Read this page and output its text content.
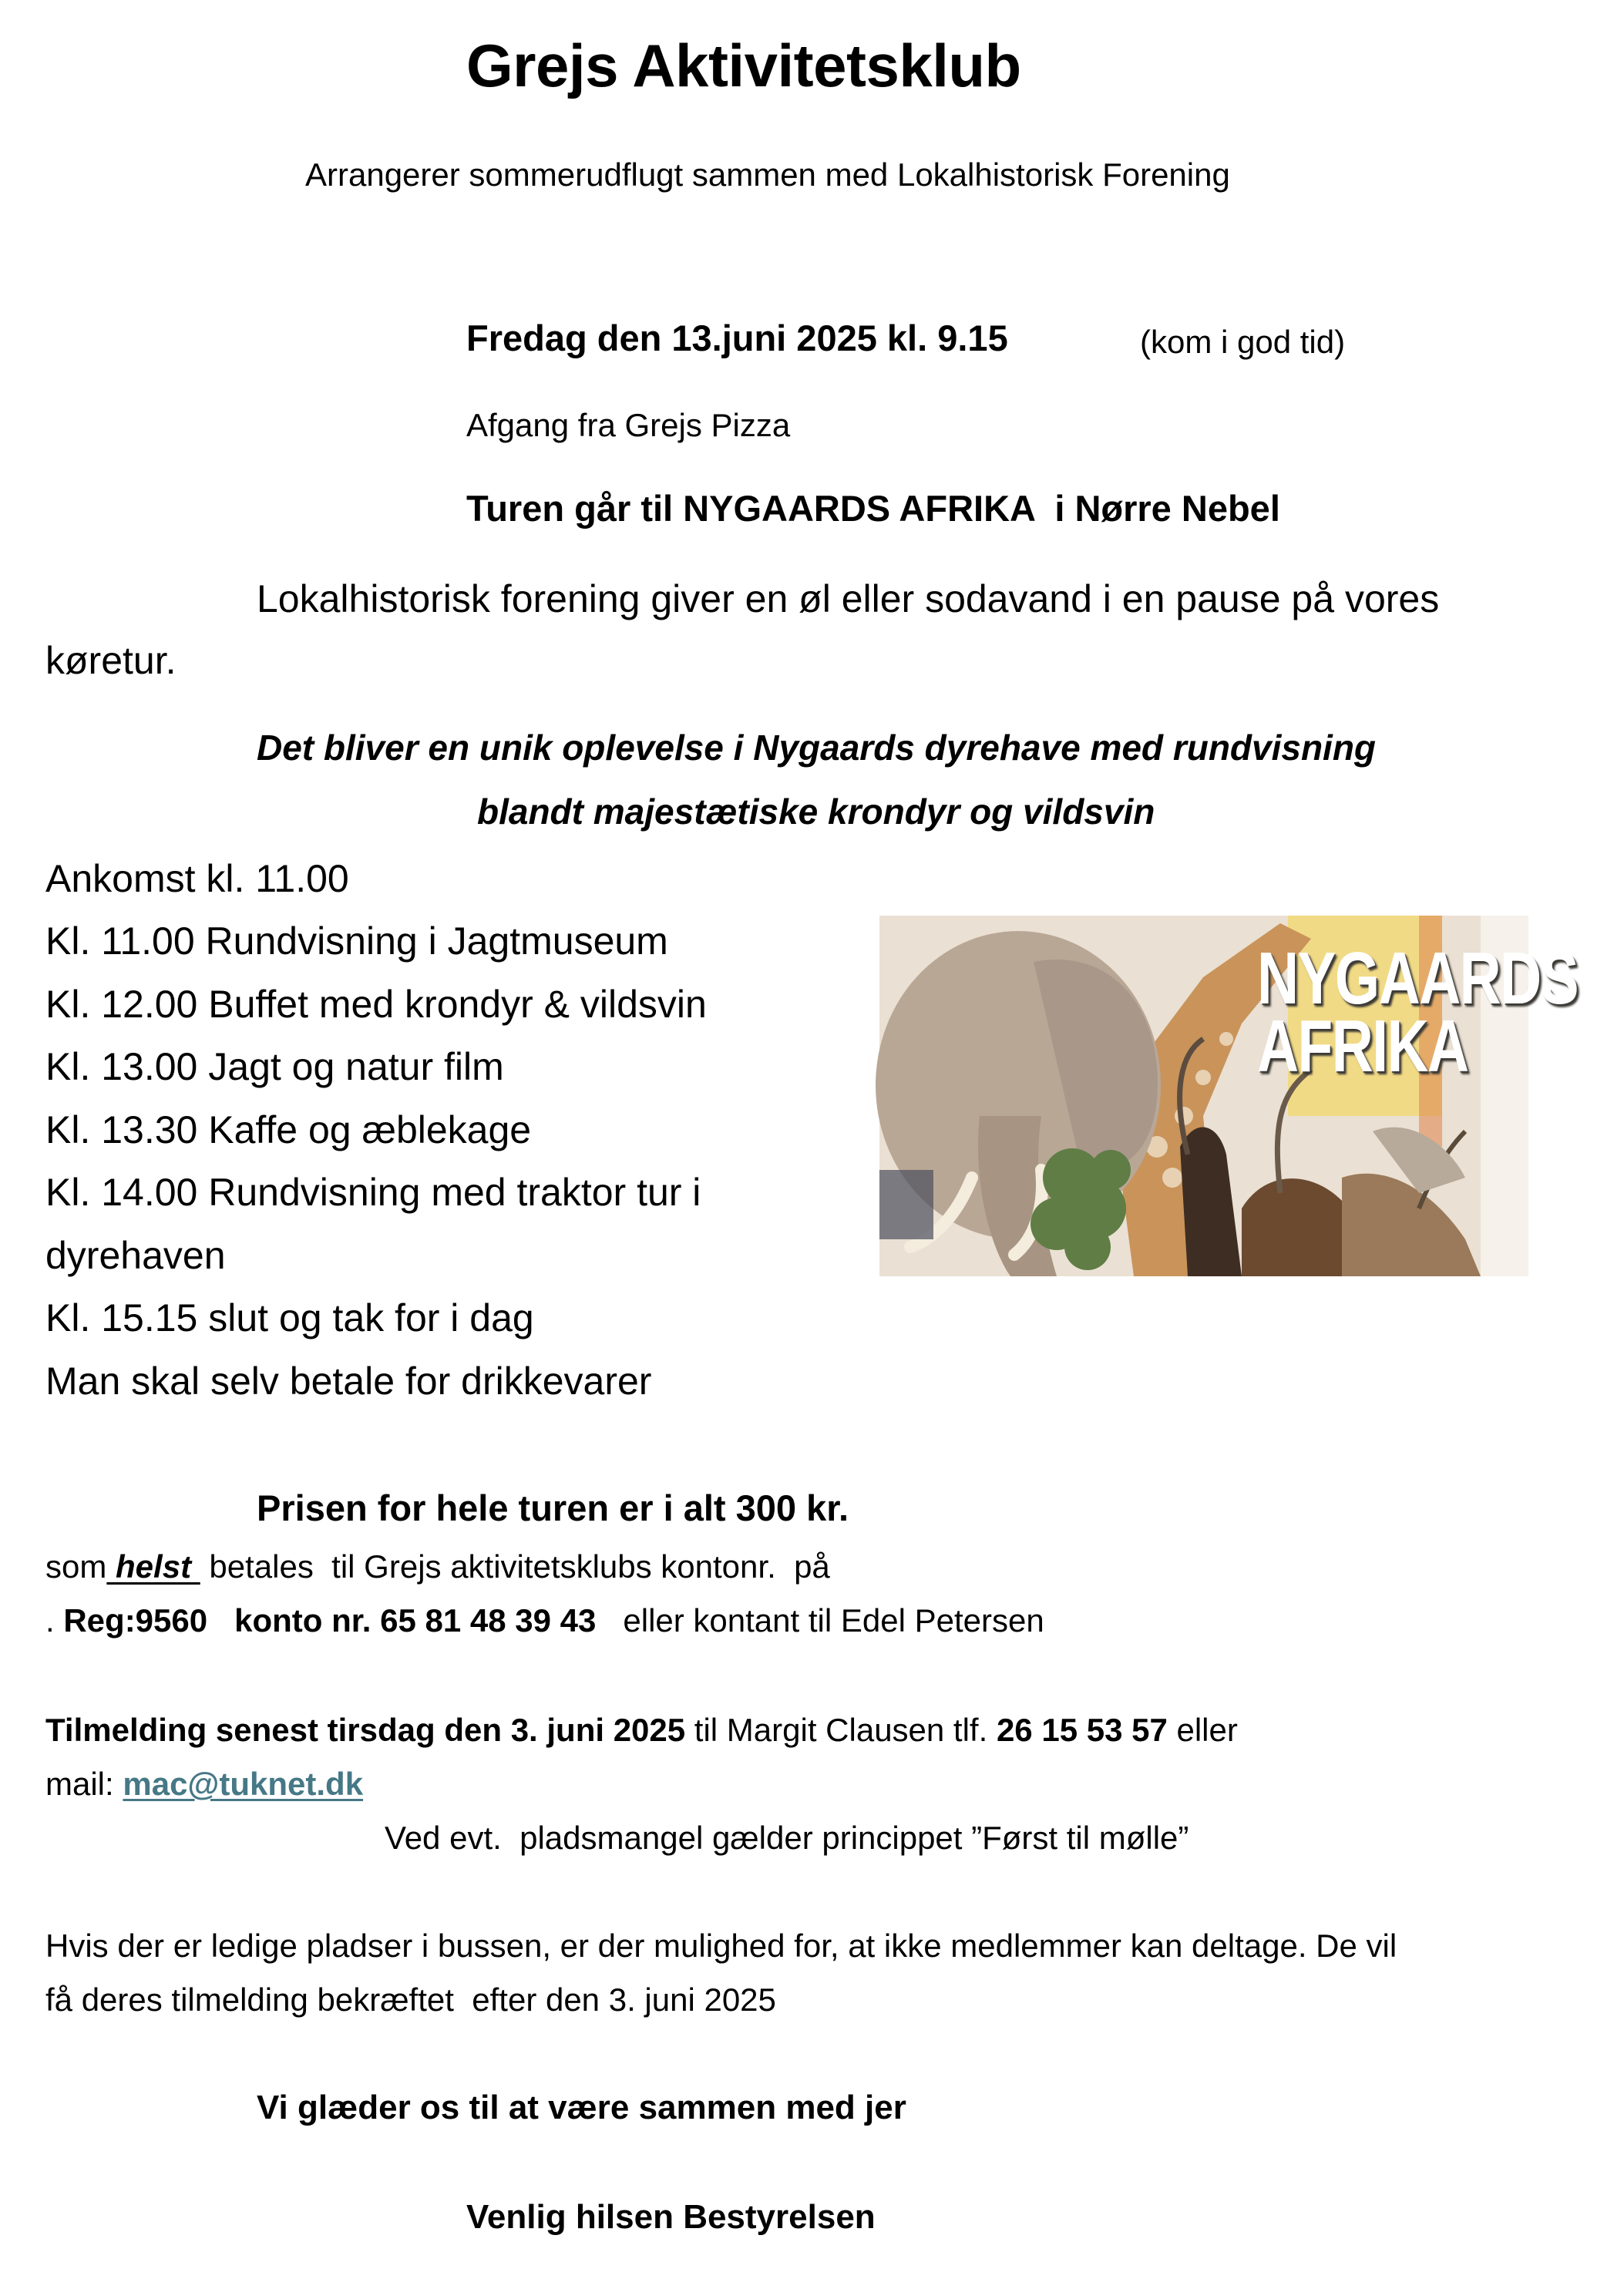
Grejs Aktivitetsklub

Arrangerer sommerudflugt sammen med Lokalhistorisk Forening

Fredag den 13.juni 2025 kl. 9.15	(kom i god tid)
Afgang fra Grejs Pizza
Turen går til NYGAARDS AFRIKA  i Nørre Nebel
Lokalhistorisk forening giver en øl eller sodavand i en pause på vores
køretur.
Det bliver en unik oplevelse i Nygaards dyrehave med rundvisning
blandt majestætiske krondyr og vildsvin
Ankomst kl. 11.00
Kl. 11.00 Rundvisning i Jagtmuseum
Kl. 12.00 Buffet med krondyr & vildsvin
Kl. 13.00 Jagt og natur film
Kl. 13.30 Kaffe og æblekage
Kl. 14.00 Rundvisning med traktor tur i
dyrehaven
Kl. 15.15 slut og tak for i dag
Man skal selv betale for drikkevarer
NYGAARDS
AFRIKA
Prisen for hele turen er i alt 300 kr.
som helst  betales  til Grejs aktivitetsklubs kontonr.  på
. Reg:9560   konto nr. 65 81 48 39 43   eller kontant til Edel Petersen
Tilmelding senest tirsdag den 3. juni 2025 til Margit Clausen tlf. 26 15 53 57 eller
mail: mac@tuknet.dk
Ved evt.  pladsmangel gælder princippet ”Først til mølle”
Hvis der er ledige pladser i bussen, er der mulighed for, at ikke medlemmer kan deltage. De vil
få deres tilmelding bekræftet  efter den 3. juni 2025
Vi glæder os til at være sammen med jer
Venlig hilsen Bestyrelsen
